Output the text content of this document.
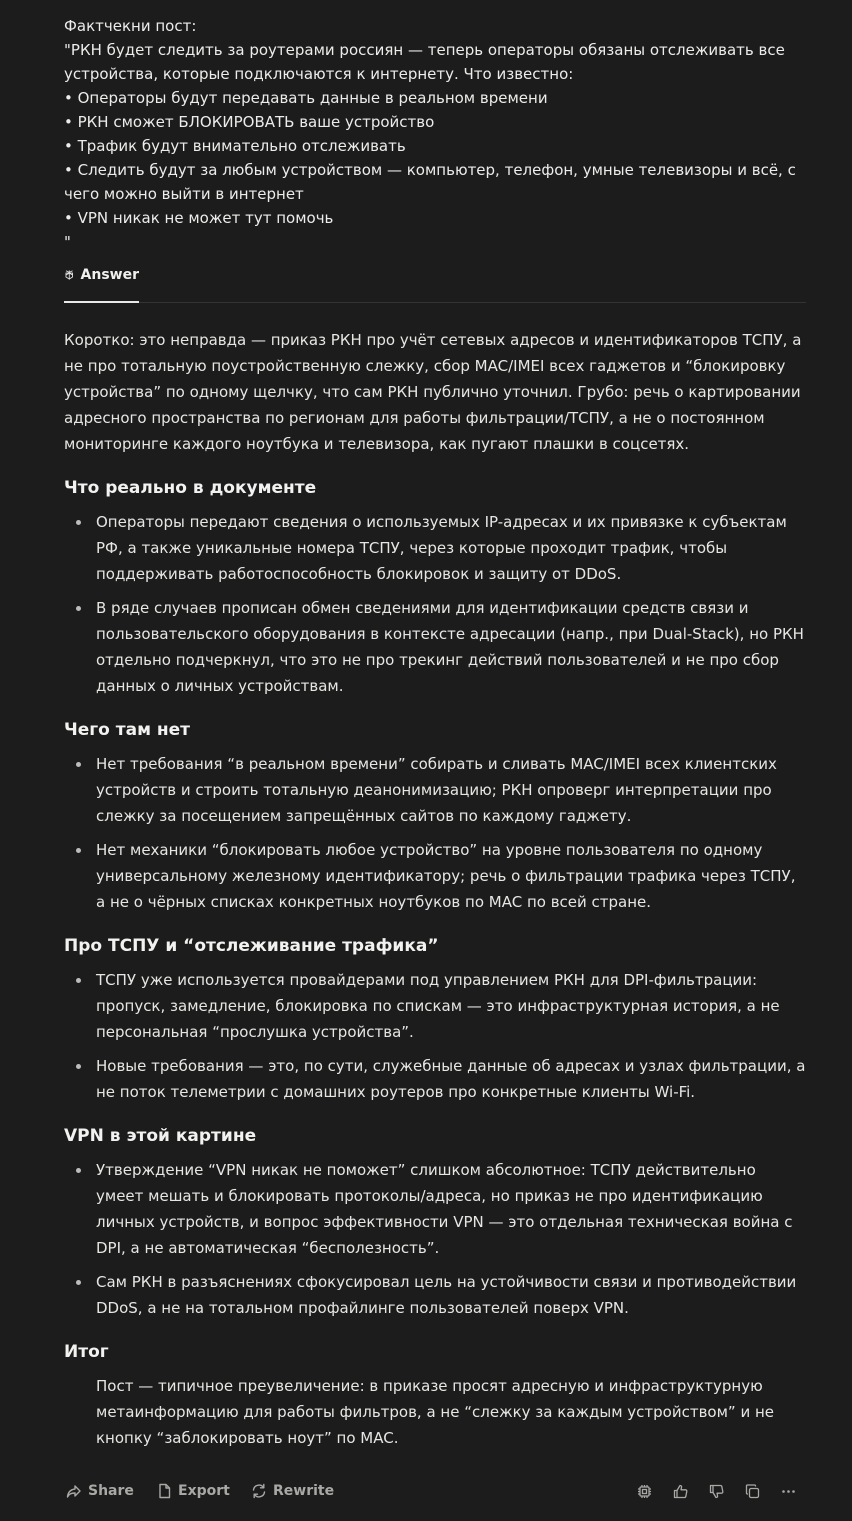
Фактчекни пост:
"РКН будет следить за роутерами россиян — теперь операторы обязаны отслеживать все
устройства, которые подключаются к интернету. Что известно:
• Операторы будут передавать данные в реальном времени
• РКН сможет БЛОКИРОВАТЬ ваше устройство
• Трафик будут внимательно отслеживать
• Следить будут за любым устройством — компьютер, телефон, умные телевизоры и всё, с
чего можно выйти в интернет
• VPN никак не может тут помочь
"
Answer

Коротко: это неправда — приказ РКН про учёт сетевых адресов и идентификаторов ТСПУ, а не про тотальную поустройственную слежку, сбор MAC/IMEI всех гаджетов и “блокировку устройства” по одному щелчку, что сам РКН публично уточнил. Грубо: речь о картировании адресного пространства по регионам для работы фильтрации/ТСПУ, а не о постоянном мониторинге каждого ноутбука и телевизора, как пугают плашки в соцсетях.

Что реально в документе
Операторы передают сведения о используемых IP-адресах и их привязке к субъектам РФ, а также уникальные номера ТСПУ, через которые проходит трафик, чтобы поддерживать работоспособность блокировок и защиту от DDoS.
В ряде случаев прописан обмен сведениями для идентификации средств связи и пользовательского оборудования в контексте адресации (напр., при Dual-Stack), но РКН отдельно подчеркнул, что это не про трекинг действий пользователей и не про сбор данных о личных устройствам.
Чего там нет
Нет требования “в реальном времени” собирать и сливать MAC/IMEI всех клиентских устройств и строить тотальную деанонимизацию; РКН опроверг интерпретации про слежку за посещением запрещённых сайтов по каждому гаджету.
Нет механики “блокировать любое устройство” на уровне пользователя по одному универсальному железному идентификатору; речь о фильтрации трафика через ТСПУ, а не о чёрных списках конкретных ноутбуков по MAC по всей стране.
Про ТСПУ и “отслеживание трафика”
ТСПУ уже используется провайдерами под управлением РКН для DPI-фильтрации: пропуск, замедление, блокировка по спискам — это инфраструктурная история, а не персональная “прослушка устройства”.
Новые требования — это, по сути, служебные данные об адресах и узлах фильтрации, а не поток телеметрии с домашних роутеров про конкретные клиенты Wi-Fi.
VPN в этой картине
Утверждение “VPN никак не поможет” слишком абсолютное: ТСПУ действительно умеет мешать и блокировать протоколы/адреса, но приказ не про идентификацию личных устройств, и вопрос эффективности VPN — это отдельная техническая война с DPI, а не автоматическая “бесполезность”.
Сам РКН в разъяснениях сфокусировал цель на устойчивости связи и противодействии DDoS, а не на тотальном профайлинге пользователей поверх VPN.
Итог

Пост — типичное преувеличение: в приказе просят адресную и инфраструктурную метаинформацию для работы фильтров, а не “слежку за каждым устройством” и не кнопку “заблокировать ноут” по MAC.

Share	Export	Rewrite
